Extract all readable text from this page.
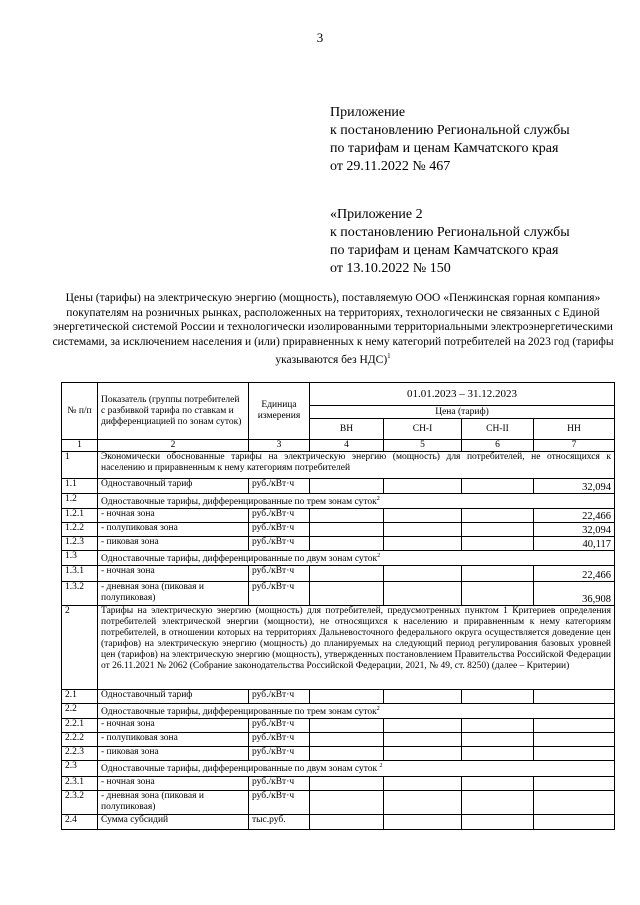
3
Приложение
к постановлению Региональной службы
по тарифам и ценам Камчатского края
от 29.11.2022 № 467
«Приложение 2
к постановлению Региональной службы
по тарифам и ценам Камчатского края
от 13.10.2022 № 150
Цены (тарифы) на электрическую энергию (мощность), поставляемую ООО «Пенжинская горная компания» покупателям на розничных рынках, расположенных на территориях, технологически не связанных с Единой энергетической системой России и технологически изолированными территориальными электроэнергетическими системами, за исключением населения и (или) приравненных к нему категорий потребителей на 2023 год (тарифы указываются без НДС)$^1$
№ п/п	Показатель (группы потребителей с разбивкой тарифа по ставкам и дифференциацией по зонам суток)	Единица измерения	01.01.2023 – 31.12.2023			
			Цена (тариф)			
			ВН	СН-I	СН-II	НН
1	2	3	4	5	6	7
1	Экономически обоснованные тарифы на электрическую энергию (мощность) для потребителей, не относящихся к населению и приравненным к нему категориям потребителей					
1.1	Одноставочный тариф	руб./кВт·ч				32,094
1.2	Одноставочные тарифы, дифференцированные по трем зонам суток$^2$
1.2.1	- ночная зона	руб./кВт·ч				22,466
1.2.2	- полупиковая зона	руб./кВт·ч				32,094
1.2.3	- пиковая зона	руб./кВт·ч				40,117
1.3	Одноставочные тарифы, дифференцированные по двум зонам суток$^2$
1.3.1	- ночная зона	руб./кВт·ч				22,466
1.3.2	- дневная зона (пиковая и полупиковая)	руб./кВт·ч				36,908
2	Тарифы на электрическую энергию (мощность) для потребителей, предусмотренных пунктом 1 Критериев определения потребителей электрической энергии (мощности), не относящихся к населению и приравненным к нему категориям потребителей, в отношении которых на территориях Дальневосточного федерального округа осуществляется доведение цен (тарифов) на электрическую энергию (мощность) до планируемых на следующий период регулирования базовых уровней цен (тарифов) на электрическую энергию (мощность), утвержденных постановлением Правительства Российской Федерации от 26.11.2021 № 2062 (Собрание законодательства Российской Федерации, 2021, № 49, ст. 8250) (далее – Критерии)					
2.1	Одноставочный тариф	руб./кВт·ч				
2.2	Одноставочные тарифы, дифференцированные по трем зонам суток$^2$
2.2.1	- ночная зона	руб./кВт·ч				
2.2.2	- полупиковая зона	руб./кВт·ч				
2.2.3	- пиковая зона	руб./кВт·ч				
2.3	Одноставочные тарифы, дифференцированные по двум зонам суток $^2$
2.3.1	- ночная зона	руб./кВт·ч				
2.3.2	- дневная зона (пиковая и полупиковая)	руб./кВт·ч				
2.4	Сумма субсидий	тыс.руб.				
